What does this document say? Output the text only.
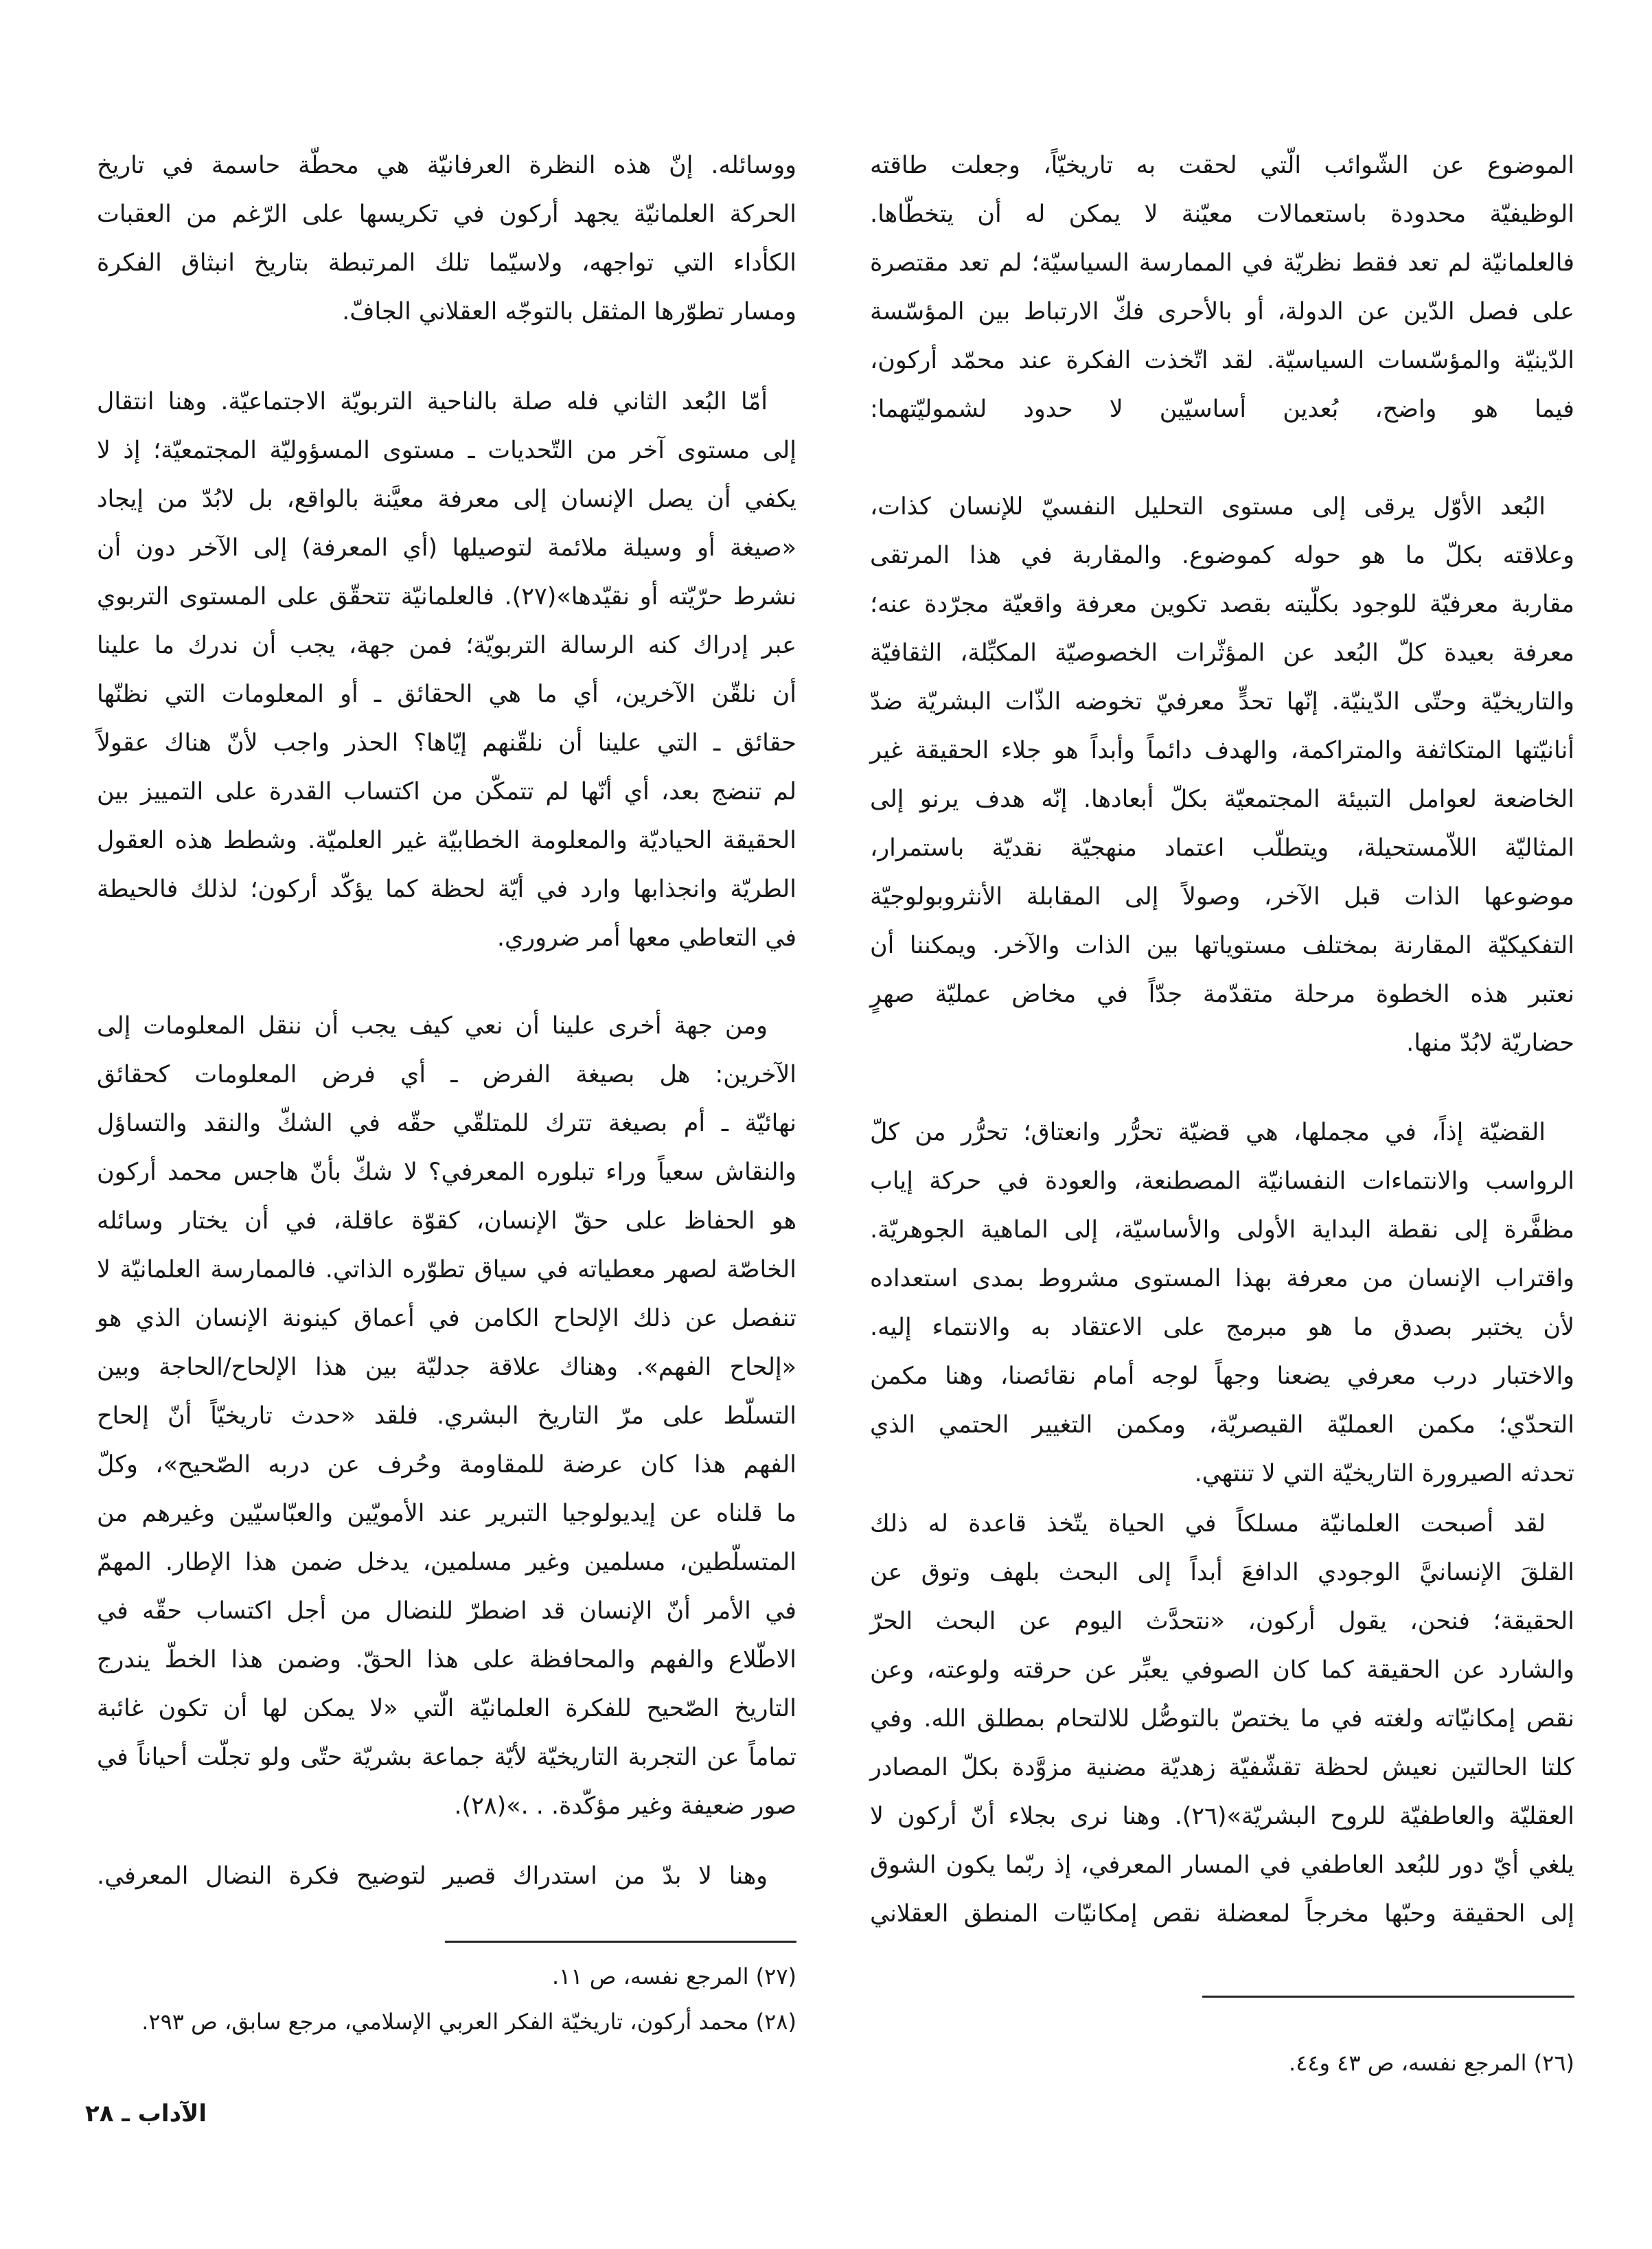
الموضوع عن الشّوائب الّتي لحقت به تاريخيّاً، وجعلت طاقته
الوظيفيّة محدودة باستعمالات معيّنة لا يمكن له أن يتخطّاها.
فالعلمانيّة لم تعد فقط نظريّة في الممارسة السياسيّة؛ لم تعد مقتصرة
على فصل الدّين عن الدولة، أو بالأحرى فكّ الارتباط بين المؤسّسة
الدّينيّة والمؤسّسات السياسيّة. لقد اتّخذت الفكرة عند محمّد أركون،
فيما هو واضح، بُعدين أساسيّين لا حدود لشموليّتهما:
البُعد الأوّل يرقى إلى مستوى التحليل النفسيّ للإنسان كذات،
وعلاقته بكلّ ما هو حوله كموضوع. والمقاربة في هذا المرتقى
مقاربة معرفيّة للوجود بكلّيته بقصد تكوين معرفة واقعيّة مجرّدة عنه؛
معرفة بعيدة كلّ البُعد عن المؤثّرات الخصوصيّة المكبِّلة، الثقافيّة
والتاريخيّة وحتّى الدّينيّة. إنّها تحدٍّ معرفيّ تخوضه الذّات البشريّة ضدّ
أنانيّتها المتكاثفة والمتراكمة، والهدف دائماً وأبداً هو جلاء الحقيقة غير
الخاضعة لعوامل التبيئة المجتمعيّة بكلّ أبعادها. إنّه هدف يرنو إلى
المثاليّة اللاّمستحيلة، ويتطلّب اعتماد منهجيّة نقديّة باستمرار،
موضوعها الذات قبل الآخر، وصولاً إلى المقابلة الأنثروبولوجيّة
التفكيكيّة المقارنة بمختلف مستوياتها بين الذات والآخر. ويمكننا أن
نعتبر هذه الخطوة مرحلة متقدّمة جدّاً في مخاض عمليّة صهرٍ
حضاريّة لابُدّ منها.
القضيّة إذاً، في مجملها، هي قضيّة تحرُّر وانعتاق؛ تحرُّر من كلّ
الرواسب والانتماءات النفسانيّة المصطنعة، والعودة في حركة إياب
مظفَّرة إلى نقطة البداية الأولى والأساسيّة، إلى الماهية الجوهريّة.
واقتراب الإنسان من معرفة بهذا المستوى مشروط بمدى استعداده
لأن يختبر بصدق ما هو مبرمج على الاعتقاد به والانتماء إليه.
والاختبار درب معرفي يضعنا وجهاً لوجه أمام نقائصنا، وهنا مكمن
التحدّي؛ مكمن العمليّة القيصريّة، ومكمن التغيير الحتمي الذي
تحدثه الصيرورة التاريخيّة التي لا تنتهي.
لقد أصبحت العلمانيّة مسلكاً في الحياة يتّخذ قاعدة له ذلك
القلقَ الإنسانيَّ الوجودي الدافعَ أبداً إلى البحث بلهف وتوق عن
الحقيقة؛ فنحن، يقول أركون، «نتحدَّث اليوم عن البحث الحرّ
والشارد عن الحقيقة كما كان الصوفي يعبِّر عن حرقته ولوعته، وعن
نقص إمكانيّاته ولغته في ما يختصّ بالتوصُّل للالتحام بمطلق الله. وفي
كلتا الحالتين نعيش لحظة تقشّفيّة زهديّة مضنية مزوَّدة بكلّ المصادر
العقليّة والعاطفيّة للروح البشريّة»(٢٦). وهنا نرى بجلاء أنّ أركون لا
يلغي أيّ دور للبُعد العاطفي في المسار المعرفي، إذ ربّما يكون الشوق
إلى الحقيقة وحبّها مخرجاً لمعضلة نقص إمكانيّات المنطق العقلاني
(٢٦) المرجع نفسه، ص ٤٣ و٤٤.
ووسائله. إنّ هذه النظرة العرفانيّة هي محطّة حاسمة في تاريخ
الحركة العلمانيّة يجهد أركون في تكريسها على الرّغم من العقبات
الكأداء التي تواجهه، ولاسيّما تلك المرتبطة بتاريخ انبثاق الفكرة
ومسار تطوّرها المثقل بالتوجّه العقلاني الجافّ.
أمّا البُعد الثاني فله صلة بالناحية التربويّة الاجتماعيّة. وهنا انتقال
إلى مستوى آخر من التّحديات ـ مستوى المسؤوليّة المجتمعيّة؛ إذ لا
يكفي أن يصل الإنسان إلى معرفة معيَّنة بالواقع، بل لابُدّ من إيجاد
«صيغة أو وسيلة ملائمة لتوصيلها (أي المعرفة) إلى الآخر دون أن
نشرط حرّيّته أو نقيّدها»(٢٧). فالعلمانيّة تتحقّق على المستوى التربوي
عبر إدراك كنه الرسالة التربويّة؛ فمن جهة، يجب أن ندرك ما علينا
أن نلقّن الآخرين، أي ما هي الحقائق ـ أو المعلومات التي نظنّها
حقائق ـ التي علينا أن نلقّنهم إيّاها؟ الحذر واجب لأنّ هناك عقولاً
لم تنضج بعد، أي أنّها لم تتمكّن من اكتساب القدرة على التمييز بين
الحقيقة الحياديّة والمعلومة الخطابيّة غير العلميّة. وشطط هذه العقول
الطريّة وانجذابها وارد في أيّة لحظة كما يؤكّد أركون؛ لذلك فالحيطة
في التعاطي معها أمر ضروري.
ومن جهة أخرى علينا أن نعي كيف يجب أن ننقل المعلومات إلى
الآخرين: هل بصيغة الفرض ـ أي فرض المعلومات كحقائق
نهائيّة ـ أم بصيغة تترك للمتلقّي حقّه في الشكّ والنقد والتساؤل
والنقاش سعياً وراء تبلوره المعرفي؟ لا شكّ بأنّ هاجس محمد أركون
هو الحفاظ على حقّ الإنسان، كقوّة عاقلة، في أن يختار وسائله
الخاصّة لصهر معطياته في سياق تطوّره الذاتي. فالممارسة العلمانيّة لا
تنفصل عن ذلك الإلحاح الكامن في أعماق كينونة الإنسان الذي هو
«إلحاح الفهم». وهناك علاقة جدليّة بين هذا الإلحاح/الحاجة وبين
التسلّط على مرّ التاريخ البشري. فلقد «حدث تاريخيّاً أنّ إلحاح
الفهم هذا كان عرضة للمقاومة وحُرف عن دربه الصّحيح»، وكلّ
ما قلناه عن إيديولوجيا التبرير عند الأمويّين والعبّاسيّين وغيرهم من
المتسلّطين، مسلمين وغير مسلمين، يدخل ضمن هذا الإطار. المهمّ
في الأمر أنّ الإنسان قد اضطرّ للنضال من أجل اكتساب حقّه في
الاطّلاع والفهم والمحافظة على هذا الحقّ. وضمن هذا الخطّ يندرج
التاريخ الصّحيح للفكرة العلمانيّة الّتي «لا يمكن لها أن تكون غائبة
تماماً عن التجربة التاريخيّة لأيّة جماعة بشريّة حتّى ولو تجلّت أحياناً في
صور ضعيفة وغير مؤكّدة. . .»(٢٨).
وهنا لا بدّ من استدراك قصير لتوضيح فكرة النضال المعرفي.
(٢٧) المرجع نفسه، ص ١١.
(٢٨) محمد أركون، تاريخيّة الفكر العربي الإسلامي، مرجع سابق، ص ٢٩٣.
الآداب ـ ٢٨
